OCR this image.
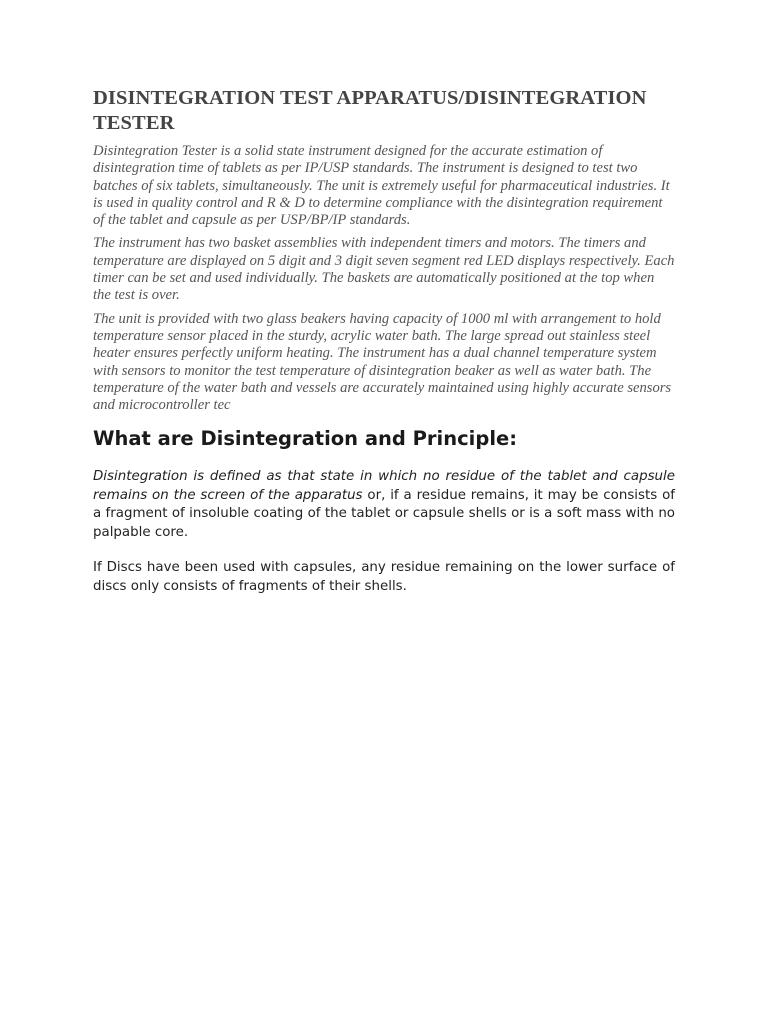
DISINTEGRATION TEST APPARATUS/DISINTEGRATION TESTER

Disintegration Tester is a solid state instrument designed for the accurate estimation of disintegration time of tablets as per IP/USP standards. The instrument is designed to test two batches of six tablets, simultaneously. The unit is extremely useful for pharmaceutical industries. It is used in quality control and R & D to determine compliance with the disintegration requirement of the tablet and capsule as per USP/BP/IP standards.

The instrument has two basket assemblies with independent timers and motors. The timers and temperature are displayed on 5 digit and 3 digit seven segment red LED displays respectively. Each timer can be set and used individually. The baskets are automatically positioned at the top when the test is over.

The unit is provided with two glass beakers having capacity of 1000 ml with arrangement to hold temperature sensor placed in the sturdy, acrylic water bath. The large spread out stainless steel heater ensures perfectly uniform heating. The instrument has a dual channel temperature system with sensors to monitor the test temperature of disintegration beaker as well as water bath. The temperature of the water bath and vessels are accurately maintained using highly accurate sensors and microcontroller tec

What are Disintegration and Principle:

Disintegration is defined as that state in which no residue of the tablet and capsule remains on the screen of the apparatus or, if a residue remains, it may be consists of a fragment of insoluble coating of the tablet or capsule shells or is a soft mass with no palpable core.

If Discs have been used with capsules, any residue remaining on the lower surface of discs only consists of fragments of their shells.
